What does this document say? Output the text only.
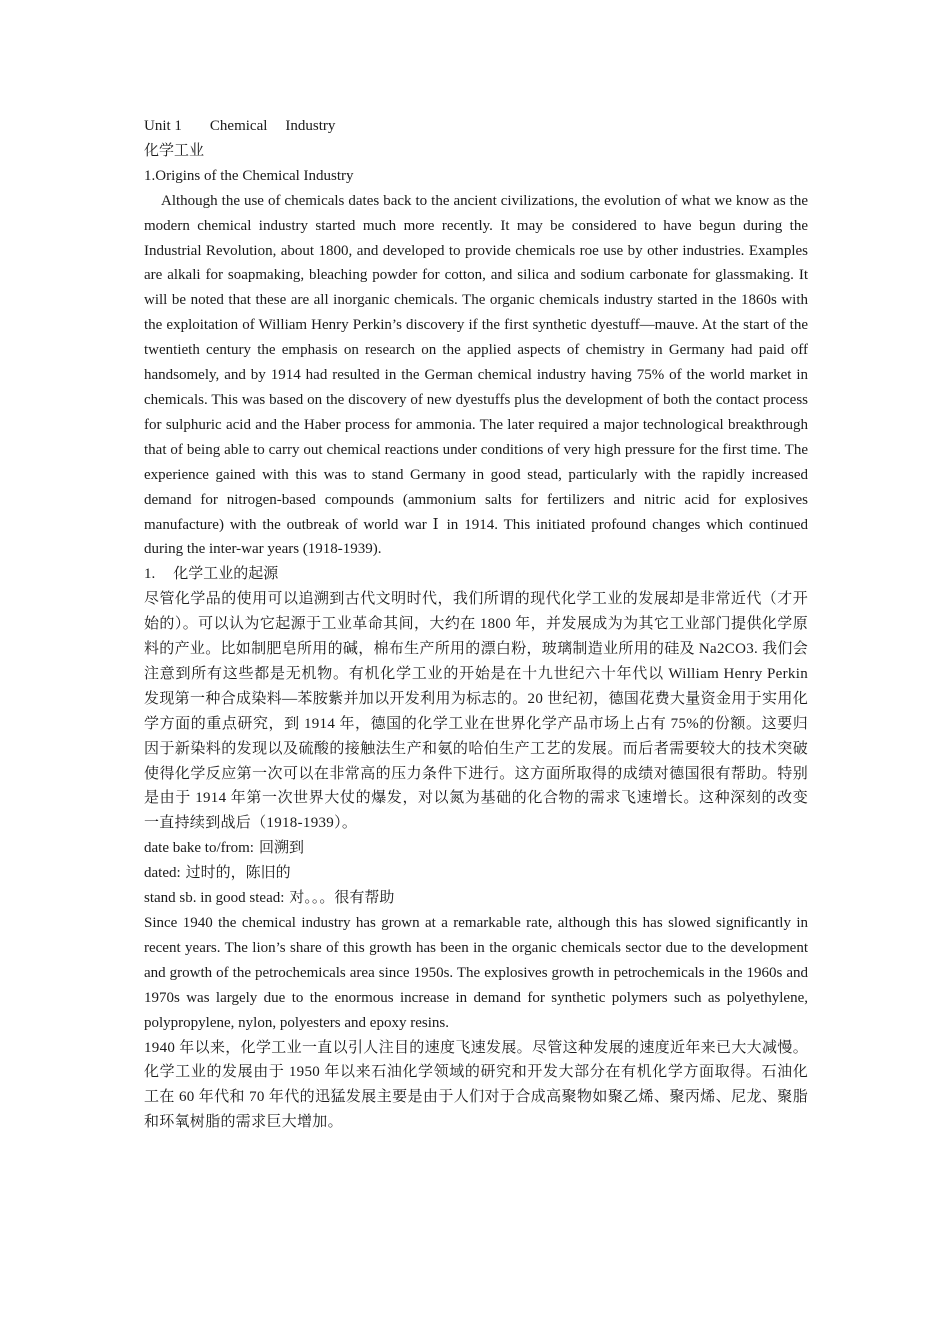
Unit 1 Chemical Industry
化学工业
1.Origins of the Chemical Industry

Although the use of chemicals dates back to the ancient civilizations, the evolution of what we know as the modern chemical industry started much more recently. It may be considered to have begun during the Industrial Revolution, about 1800, and developed to provide chemicals roe use by other industries. Examples are alkali for soapmaking, bleaching powder for cotton, and silica and sodium carbonate for glassmaking. It will be noted that these are all inorganic chemicals. The organic chemicals industry started in the 1860s with the exploitation of William Henry Perkin’s discovery if the first synthetic dyestuff—mauve. At the start of the twentieth century the emphasis on research on the applied aspects of chemistry in Germany had paid off handsomely, and by 1914 had resulted in the German chemical industry having 75% of the world market in chemicals. This was based on the discovery of new dyestuffs plus the development of both the contact process for sulphuric acid and the Haber process for ammonia. The later required a major technological breakthrough that of being able to carry out chemical reactions under conditions of very high pressure for the first time. The experience gained with this was to stand Germany in good stead, particularly with the rapidly increased demand for nitrogen-based compounds (ammonium salts for fertilizers and nitric acid for explosives manufacture) with the outbreak of world war Ⅰ in 1914. This initiated profound changes which continued during the inter-war years (1918-1939).

1. 化学工业的起源

尽管化学品的使用可以追溯到古代文明时代，我们所谓的现代化学工业的发展却是非常近代（才开始的）。可以认为它起源于工业革命其间，大约在 1800 年，并发展成为为其它工业部门提供化学原料的产业。比如制肥皂所用的碱，棉布生产所用的漂白粉，玻璃制造业所用的硅及 Na2CO3. 我们会注意到所有这些都是无机物。有机化学工业的开始是在十九世纪六十年代以 William Henry Perkin 发现第一种合成染料—苯胺紫并加以开发利用为标志的。20 世纪初，德国花费大量资金用于实用化学方面的重点研究，到 1914 年，德国的化学工业在世界化学产品市场上占有 75%的份额。这要归因于新染料的发现以及硫酸的接触法生产和氨的哈伯生产工艺的发展。而后者需要较大的技术突破使得化学反应第一次可以在非常高的压力条件下进行。这方面所取得的成绩对德国很有帮助。特别是由于 1914 年第一次世界大仗的爆发，对以氮为基础的化合物的需求飞速增长。这种深刻的改变一直持续到战后（1918-1939）。

date bake to/from: 回溯到

dated: 过时的，陈旧的

stand sb. in good stead: 对。。。很有帮助

Since 1940 the chemical industry has grown at a remarkable rate, although this has slowed significantly in recent years. The lion’s share of this growth has been in the organic chemicals sector due to the development and growth of the petrochemicals area since 1950s. The explosives growth in petrochemicals in the 1960s and 1970s was largely due to the enormous increase in demand for synthetic polymers such as polyethylene, polypropylene, nylon, polyesters and epoxy resins.

1940 年以来，化学工业一直以引人注目的速度飞速发展。尽管这种发展的速度近年来已大大减慢。化学工业的发展由于 1950 年以来石油化学领域的研究和开发大部分在有机化学方面取得。石油化工在 60 年代和 70 年代的迅猛发展主要是由于人们对于合成高聚物如聚乙烯、聚丙烯、尼龙、聚脂和环氧树脂的需求巨大增加。
